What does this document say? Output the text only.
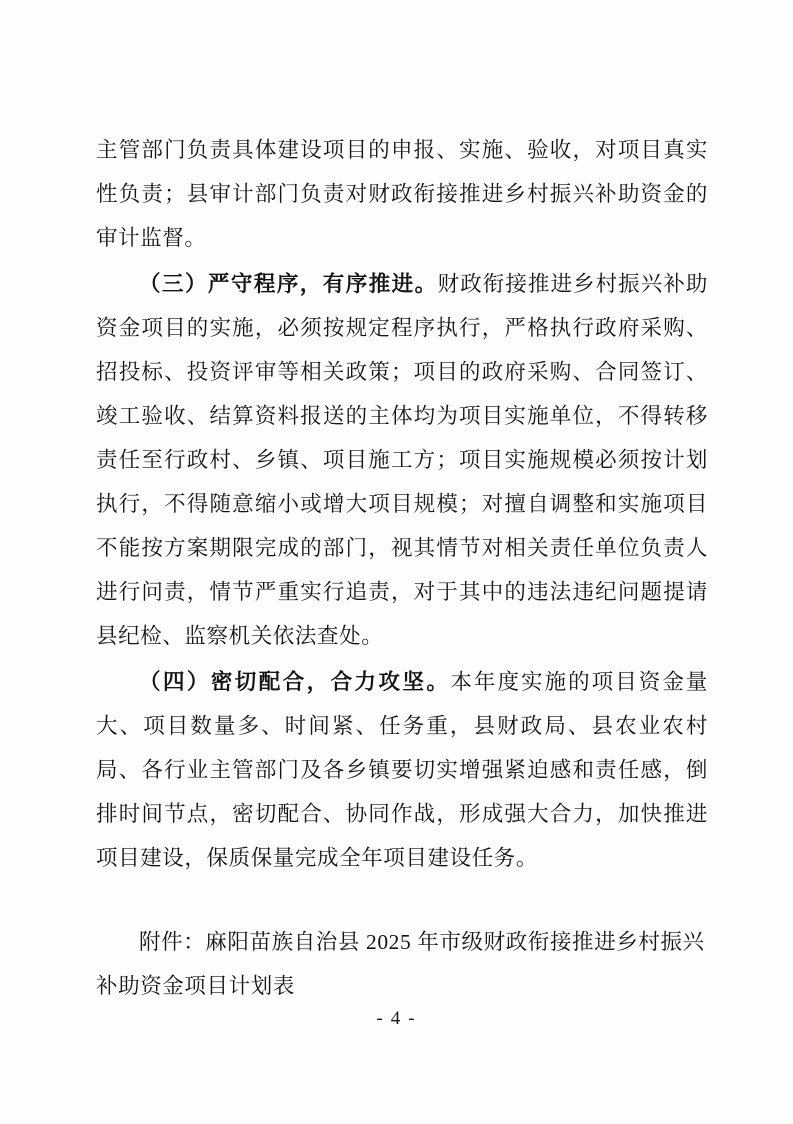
主管部门负责具体建设项目的申报、实施、验收，对项目真实性负责；县审计部门负责对财政衔接推进乡村振兴补助资金的审计监督。

（三）严守程序，有序推进。财政衔接推进乡村振兴补助资金项目的实施，必须按规定程序执行，严格执行政府采购、招投标、投资评审等相关政策；项目的政府采购、合同签订、竣工验收、结算资料报送的主体均为项目实施单位，不得转移责任至行政村、乡镇、项目施工方；项目实施规模必须按计划执行，不得随意缩小或增大项目规模；对擅自调整和实施项目不能按方案期限完成的部门，视其情节对相关责任单位负责人进行问责，情节严重实行追责，对于其中的违法违纪问题提请县纪检、监察机关依法查处。

（四）密切配合，合力攻坚。本年度实施的项目资金量大、项目数量多、时间紧、任务重，县财政局、县农业农村局、各行业主管部门及各乡镇要切实增强紧迫感和责任感，倒排时间节点，密切配合、协同作战，形成强大合力，加快推进项目建设，保质保量完成全年项目建设任务。

附件：麻阳苗族自治县 2025 年市级财政衔接推进乡村振兴

补助资金项目计划表

- 4 -
